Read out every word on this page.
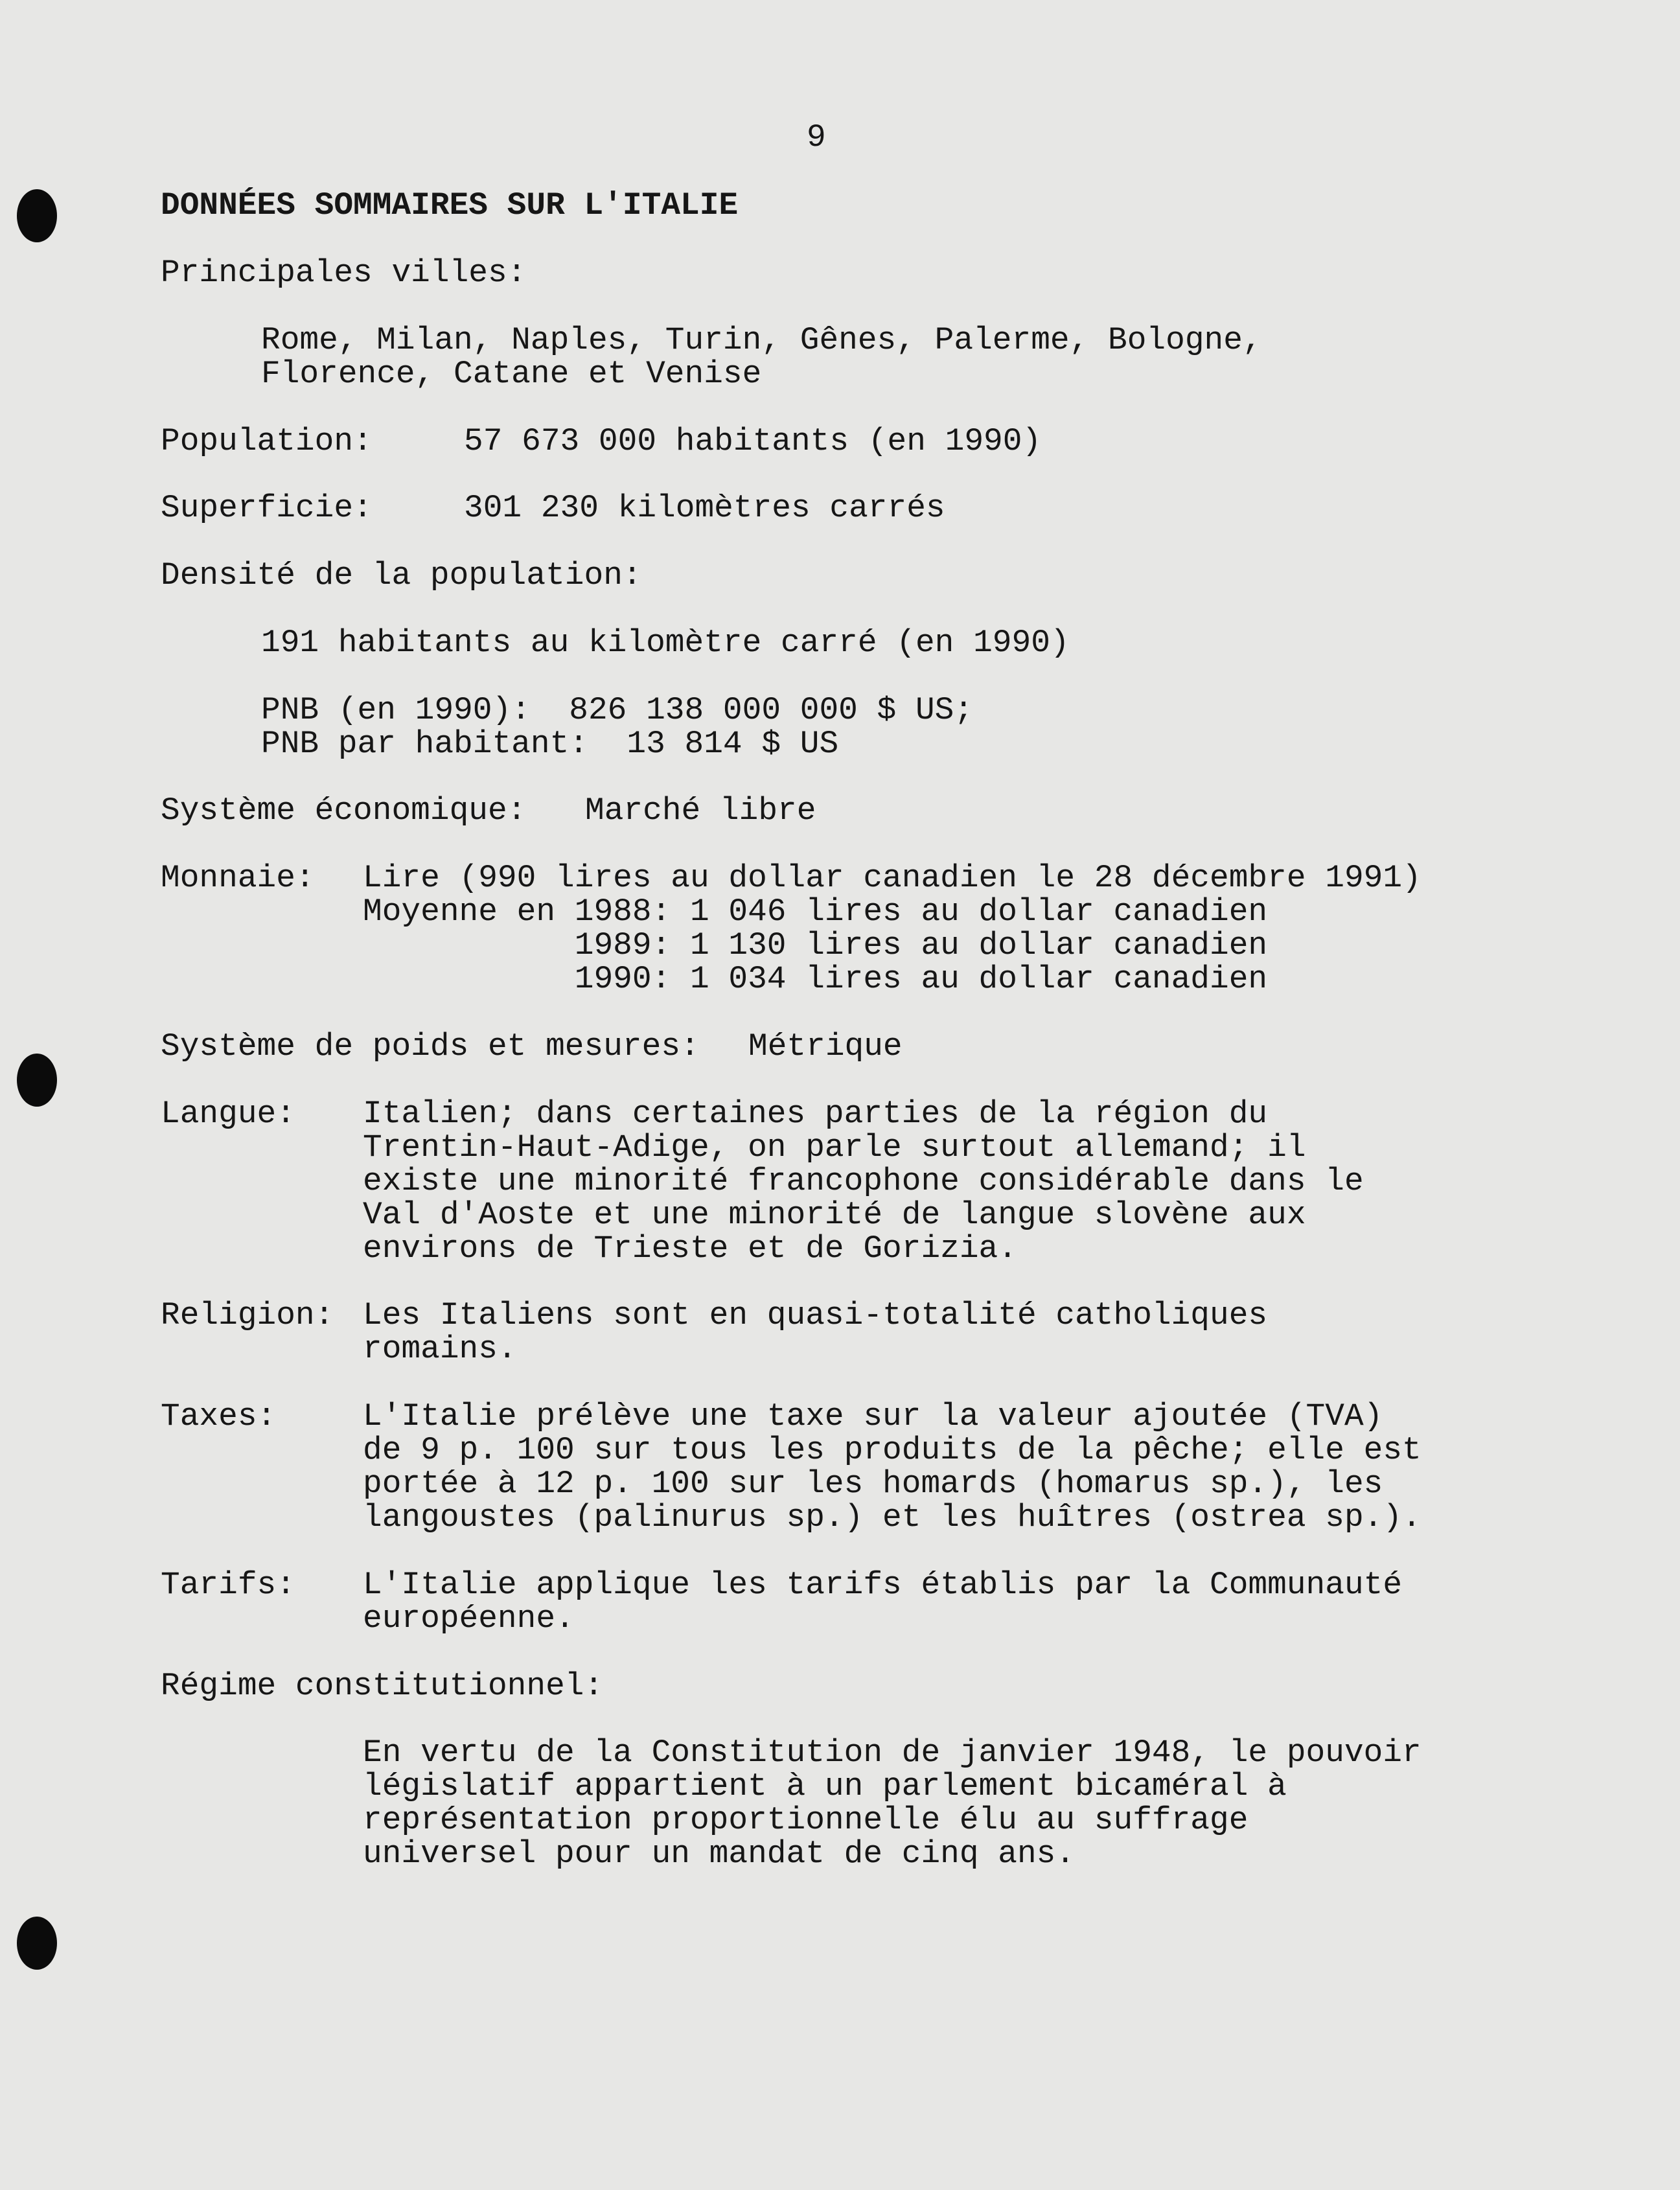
9
DONNÉES SOMMAIRES SUR L'ITALIE
Principales villes:
Rome, Milan, Naples, Turin, Gênes, Palerme, Bologne,
Florence, Catane et Venise
Population:	57 673 000 habitants (en 1990)
Superficie:	301 230 kilomètres carrés
Densité de la population:
191 habitants au kilomètre carré (en 1990)
PNB (en 1990):  826 138 000 000 $ US;
PNB par habitant:  13 814 $ US
Système économique: Marché libre
Monnaie: Lire (990 lires au dollar canadien le 28 décembre 1991)
Moyenne en 1988: 1 046 lires au dollar canadien
1989: 1 130 lires au dollar canadien
1990: 1 034 lires au dollar canadien
Système de poids et mesures: Métrique
Langue: Italien; dans certaines parties de la région du
Trentin-Haut-Adige, on parle surtout allemand; il
existe une minorité francophone considérable dans le
Val d'Aoste et une minorité de langue slovène aux
environs de Trieste et de Gorizia.
Religion: Les Italiens sont en quasi-totalité catholiques
romains.
Taxes:	L'Italie prélève une taxe sur la valeur ajoutée (TVA)
de 9 p. 100 sur tous les produits de la pêche; elle est
portée à 12 p. 100 sur les homards (homarus sp.), les
langoustes (palinurus sp.) et les huîtres (ostrea sp.).
Tarifs: L'Italie applique les tarifs établis par la Communauté
européenne.
Régime constitutionnel:
En vertu de la Constitution de janvier 1948, le pouvoir
législatif appartient à un parlement bicaméral à
représentation proportionnelle élu au suffrage
universel pour un mandat de cinq ans.
